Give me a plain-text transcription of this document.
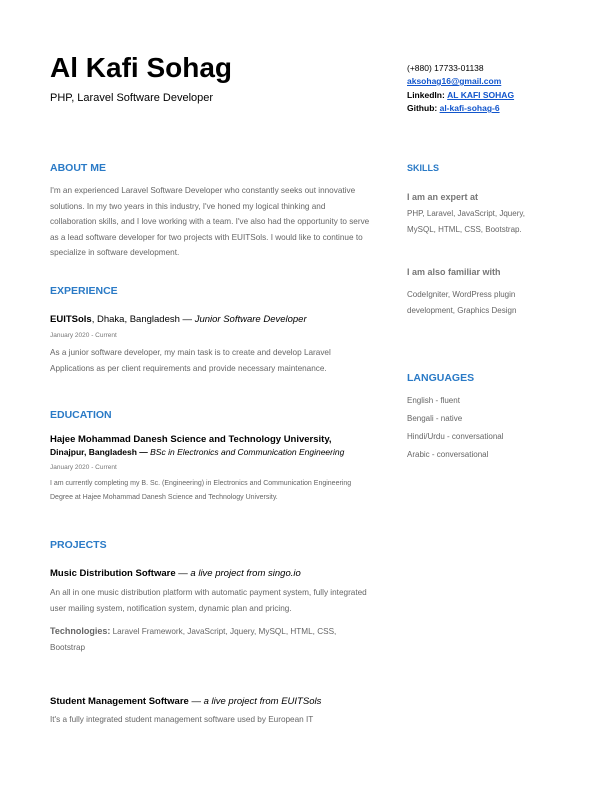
Al Kafi Sohag
PHP, Laravel Software Developer
(+880) 17733-01138
aksohag16@gmail.com
LinkedIn: AL KAFI SOHAG
Github: al-kafi-sohag-6
ABOUT ME
I'm an experienced Laravel Software Developer who constantly seeks out innovative solutions. In my two years in this industry, I've honed my logical thinking and collaboration skills, and I love working with a team. I've also had the opportunity to serve as a lead software developer for two projects with EUITSols. I would like to continue to specialize in software development.
EXPERIENCE
EUITSols, Dhaka, Bangladesh — Junior Software Developer
January 2020 - Current
As a junior software developer, my main task is to create and develop Laravel Applications as per client requirements and provide necessary maintenance.
EDUCATION
Hajee Mohammad Danesh Science and Technology University,
Dinajpur, Bangladesh — BSc in Electronics and Communication Engineering
January 2020 - Current
I am currently completing my B. Sc. (Engineering) in Electronics and Communication Engineering Degree at Hajee Mohammad Danesh Science and Technology University.
PROJECTS
Music Distribution Software — a live project from singo.io
An all in one music distribution platform with automatic payment system, fully integrated user mailing system, notification system, dynamic plan and pricing.
Technologies: Laravel Framework, JavaScript, Jquery, MySQL, HTML, CSS, Bootstrap
Student Management Software — a live project from EUITSols
It's a fully integrated student management software used by European IT
SKILLS
I am an expert at
PHP, Laravel, JavaScript, Jquery, MySQL, HTML, CSS, Bootstrap.
I am also familiar with
CodeIgniter, WordPress plugin development, Graphics Design
LANGUAGES
English - fluent
Bengali - native
Hindi/Urdu - conversational
Arabic - conversational
